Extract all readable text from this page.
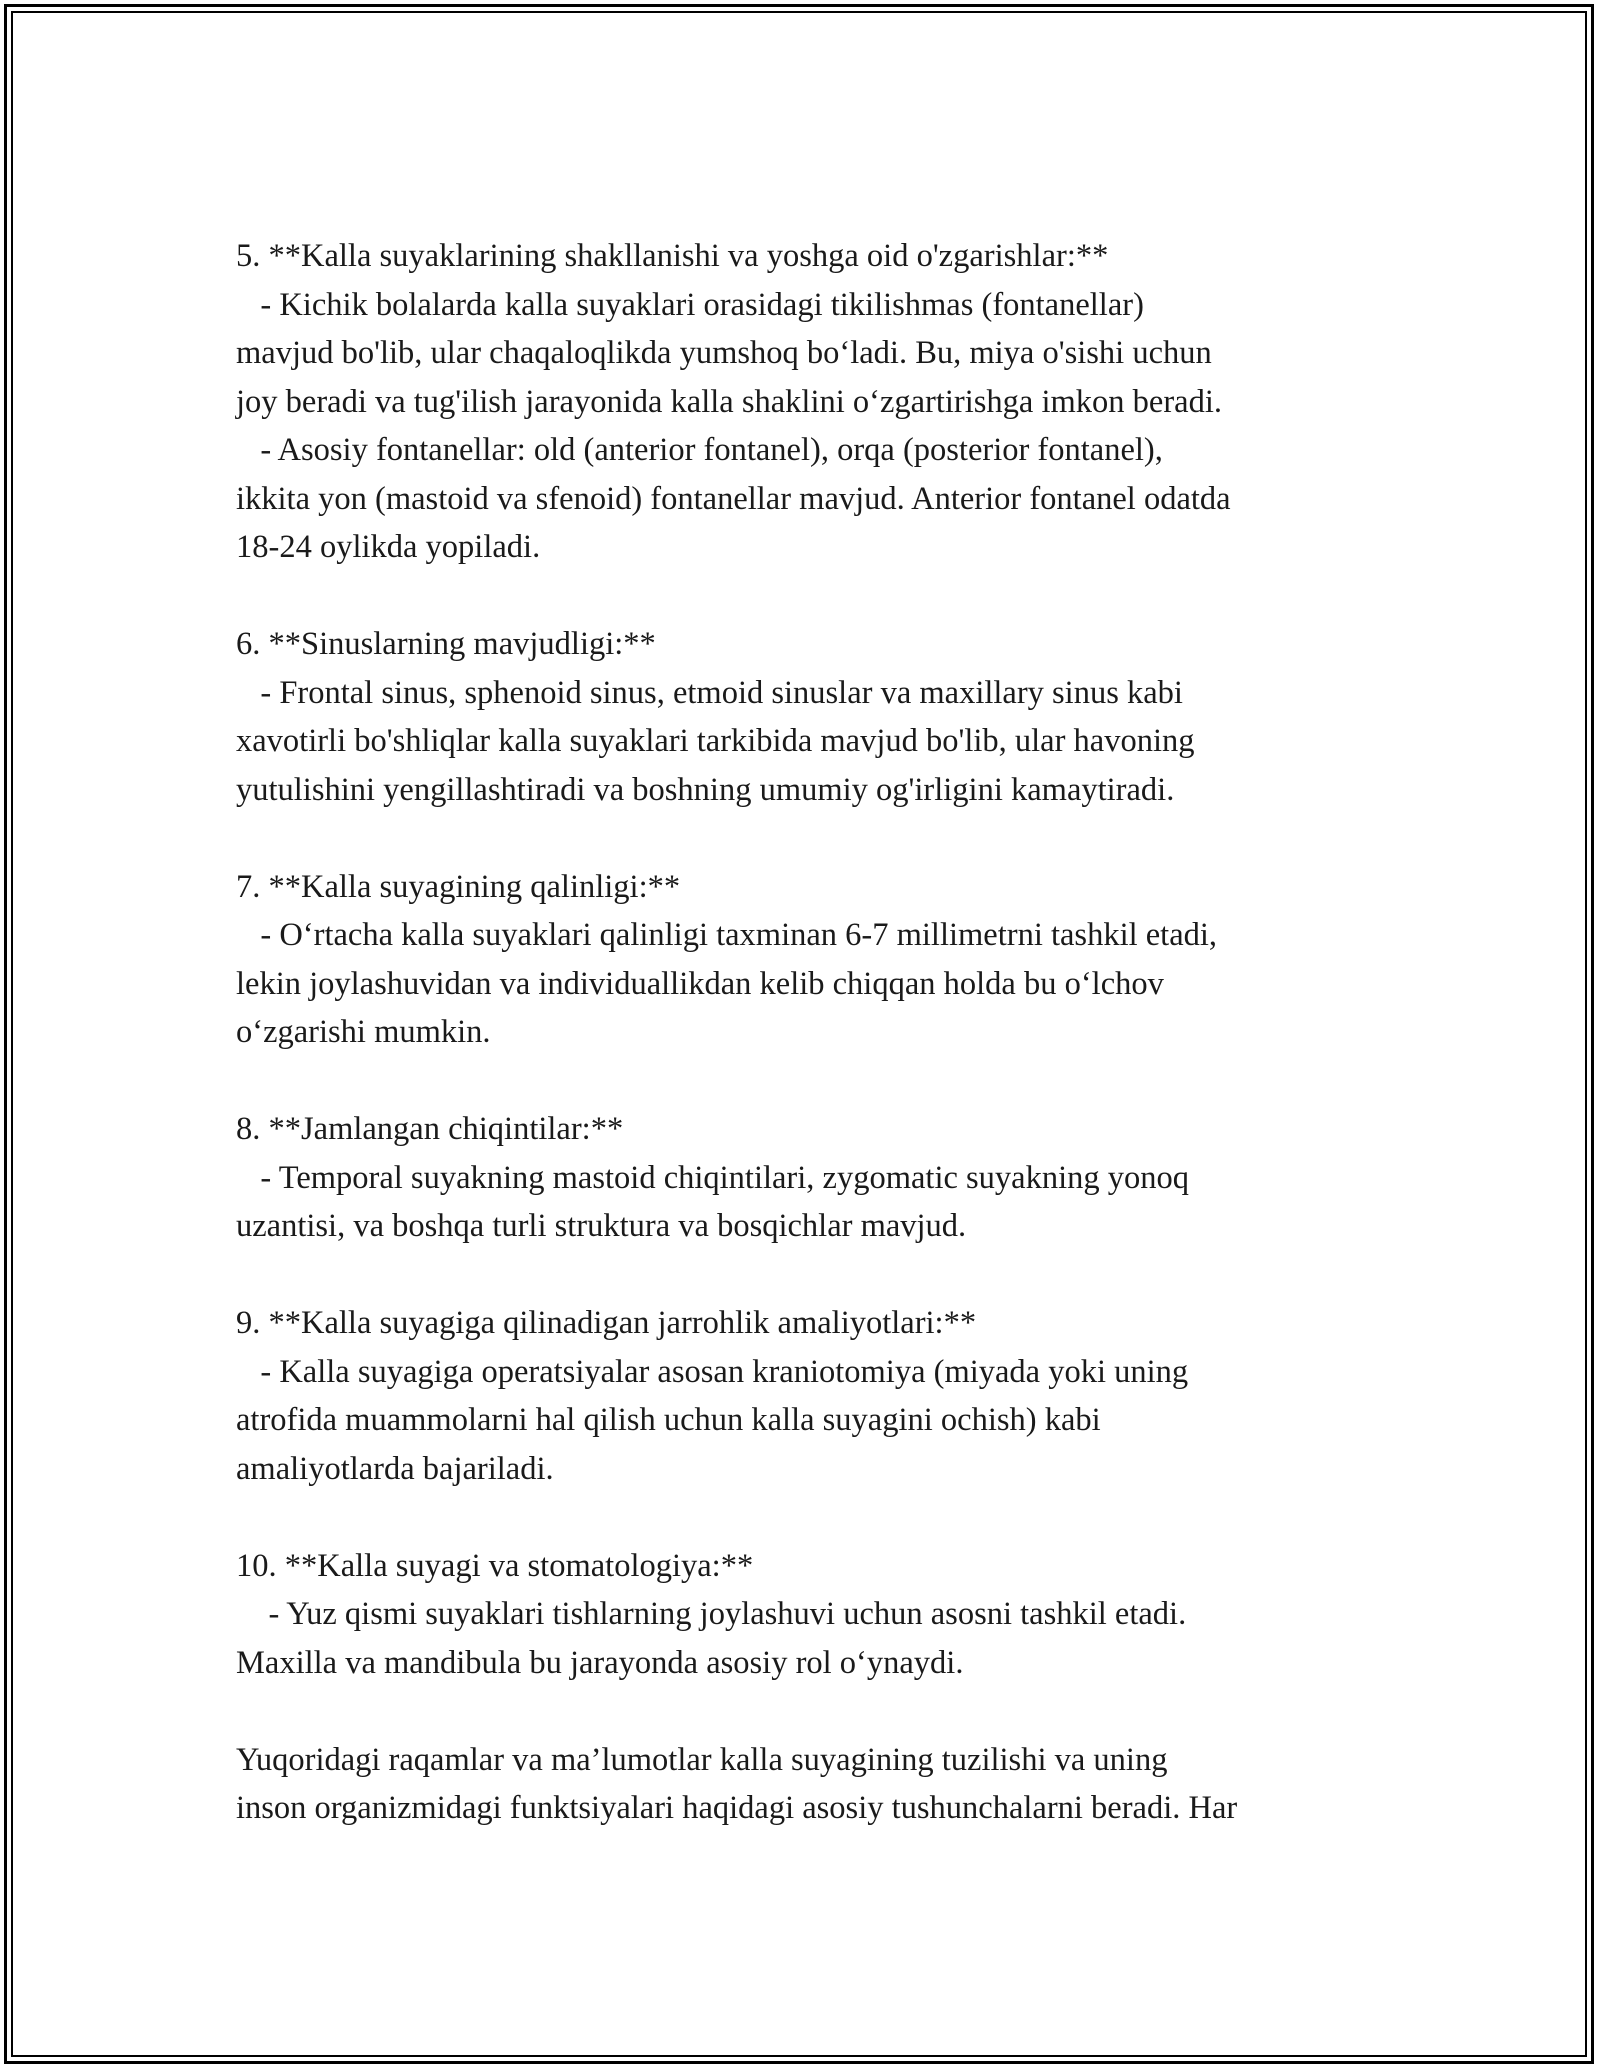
5. **Kalla suyaklarining shakllanishi va yoshga oid o'zgarishlar:**
- Kichik bolalarda kalla suyaklari orasidagi tikilishmas (fontanellar)
mavjud bo'lib, ular chaqaloqlikda yumshoq bo‘ladi. Bu, miya o'sishi uchun
joy beradi va tug'ilish jarayonida kalla shaklini o‘zgartirishga imkon beradi.
- Asosiy fontanellar: old (anterior fontanel), orqa (posterior fontanel),
ikkita yon (mastoid va sfenoid) fontanellar mavjud. Anterior fontanel odatda
18-24 oylikda yopiladi.
6. **Sinuslarning mavjudligi:**
- Frontal sinus, sphenoid sinus, etmoid sinuslar va maxillary sinus kabi
xavotirli bo'shliqlar kalla suyaklari tarkibida mavjud bo'lib, ular havoning
yutulishini yengillashtiradi va boshning umumiy og'irligini kamaytiradi.
7. **Kalla suyagining qalinligi:**
- O‘rtacha kalla suyaklari qalinligi taxminan 6-7 millimetrni tashkil etadi,
lekin joylashuvidan va individuallikdan kelib chiqqan holda bu o‘lchov
o‘zgarishi mumkin.
8. **Jamlangan chiqintilar:**
- Temporal suyakning mastoid chiqintilari, zygomatic suyakning yonoq
uzantisi, va boshqa turli struktura va bosqichlar mavjud.
9. **Kalla suyagiga qilinadigan jarrohlik amaliyotlari:**
- Kalla suyagiga operatsiyalar asosan kraniotomiya (miyada yoki uning
atrofida muammolarni hal qilish uchun kalla suyagini ochish) kabi
amaliyotlarda bajariladi.
10. **Kalla suyagi va stomatologiya:**
- Yuz qismi suyaklari tishlarning joylashuvi uchun asosni tashkil etadi.
Maxilla va mandibula bu jarayonda asosiy rol o‘ynaydi.
Yuqoridagi raqamlar va ma’lumotlar kalla suyagining tuzilishi va uning
inson organizmidagi funktsiyalari haqidagi asosiy tushunchalarni beradi. Har
